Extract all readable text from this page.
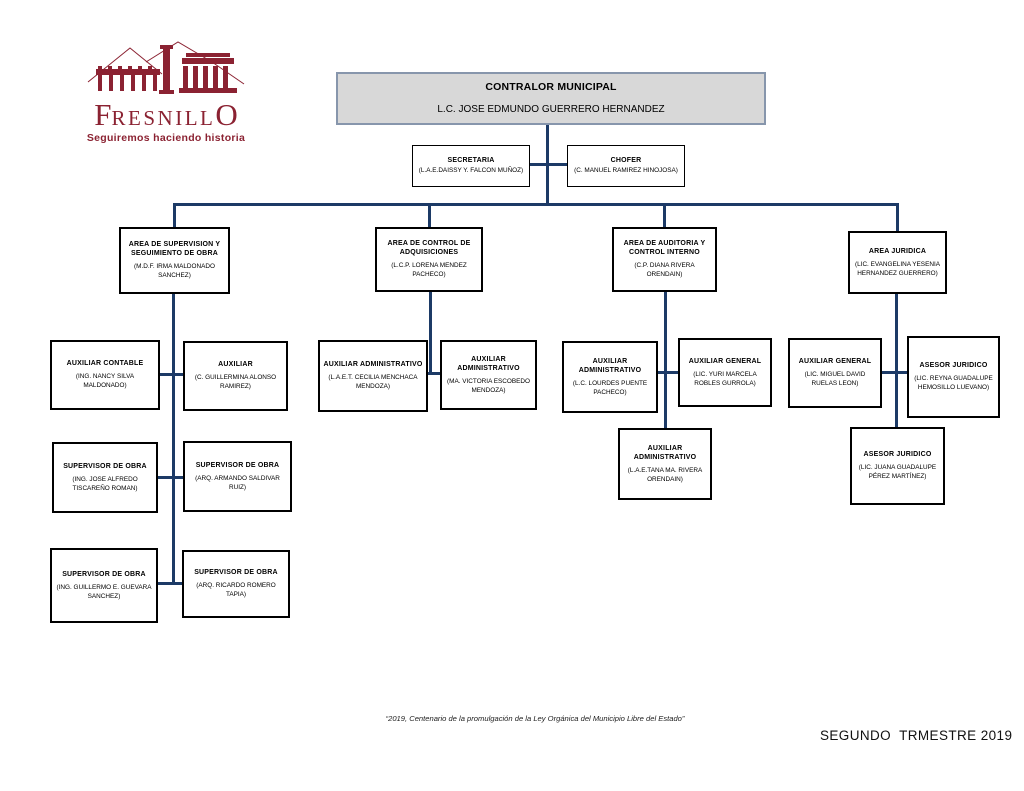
FRESNILLO
Seguiremos haciendo historia
CONTRALOR MUNICIPAL
L.C. JOSE EDMUNDO GUERRERO HERNANDEZ
SECRETARIA
(L.A.E.DAISSY Y. FALCON MUÑOZ)
CHOFER
(C. MANUEL RAMIREZ HINOJOSA)
AREA DE SUPERVISION Y SEGUIMIENTO DE OBRA
(M.D.F. IRMA MALDONADO SANCHEZ)
AREA DE CONTROL DE ADQUISICIONES
(L.C.P. LORENA MENDEZ PACHECO)
AREA DE AUDITORIA Y CONTROL INTERNO
(C.P. DIANA RIVERA ORENDAIN)
AREA JURIDICA
(LIC. EVANGELINA YESENIA HERNANDEZ GUERRERO)
AUXILIAR CONTABLE
(ING. NANCY SILVA MALDONADO)
AUXILIAR
(C. GUILLERMINA ALONSO RAMIREZ)
AUXILIAR ADMINISTRATIVO
(L.A.E.T. CECILIA MENCHACA MENDOZA)
AUXILIAR ADMINISTRATIVO
(MA. VICTORIA ESCOBEDO MENDOZA)
AUXILIAR ADMINISTRATIVO
(L.C. LOURDES PUENTE PACHECO)
AUXILIAR GENERAL
(LIC. YURI MARCELA ROBLES GURROLA)
AUXILIAR GENERAL
(LIC. MIGUEL DAVID RUELAS LEON)
ASESOR JURIDICO
(LIC. REYNA GUADALUPE HEMOSILLO LUEVANO)
AUXILIAR ADMINISTRATIVO
(L.A.E.TANA MA. RIVERA ORENDAIN)
ASESOR JURIDICO
(LIC. JUANA GUADALUPE PÉREZ MARTÍNEZ)
SUPERVISOR DE OBRA
(ING. JOSE ALFREDO TISCAREÑO ROMAN)
SUPERVISOR DE OBRA
(ARQ. ARMANDO SALDIVAR RUIZ)
SUPERVISOR DE OBRA
(ING. GUILLERMO E. GUEVARA SANCHEZ)
SUPERVISOR DE OBRA
(ARQ. RICARDO ROMERO TAPIA)
“2019, Centenario de la promulgación de la Ley Orgánica del Municipio Libre del Estado”
SEGUNDO  TRMESTRE 2019
